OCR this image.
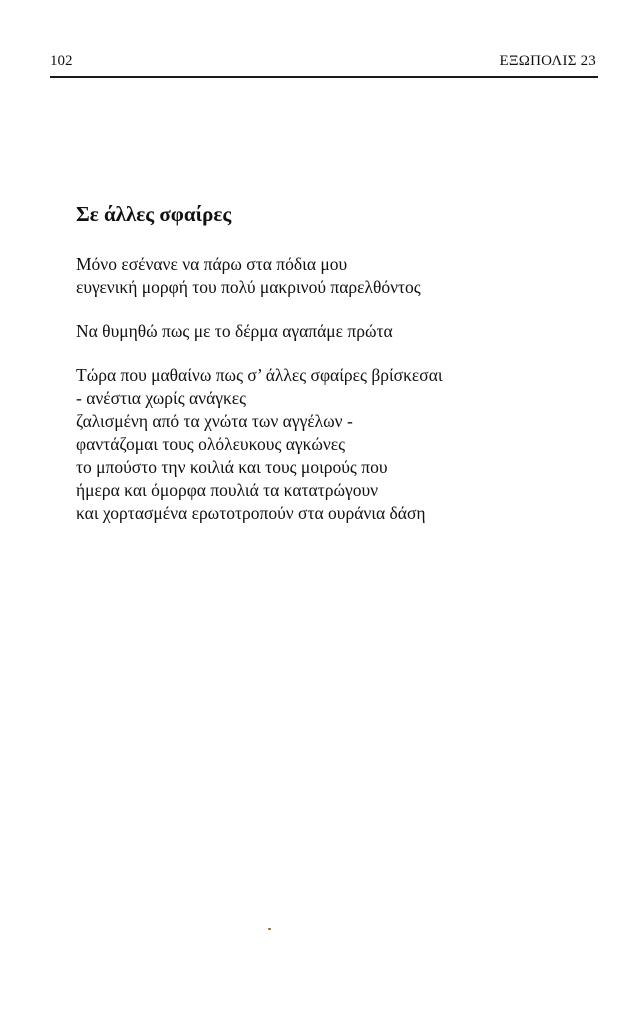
102	ΕΞΩΠΟΛΙΣ 23
Σε άλλες σφαίρες
Μόνο εσένανε να πάρω στα πόδια μου
ευγενική μορφή του πολύ μακρινού παρελθόντος
Να θυμηθώ πως με το δέρμα αγαπάμε πρώτα
Τώρα που μαθαίνω πως σ’ άλλες σφαίρες βρίσκεσαι
- ανέστια χωρίς ανάγκες
ζαλισμένη από τα χνώτα των αγγέλων -
φαντάζομαι τους ολόλευκους αγκώνες
το μπούστο την κοιλιά και τους μοιρούς που
ήμερα και όμορφα πουλιά τα κατατρώγουν
και χορτασμένα ερωτοτροπούν στα ουράνια δάση
